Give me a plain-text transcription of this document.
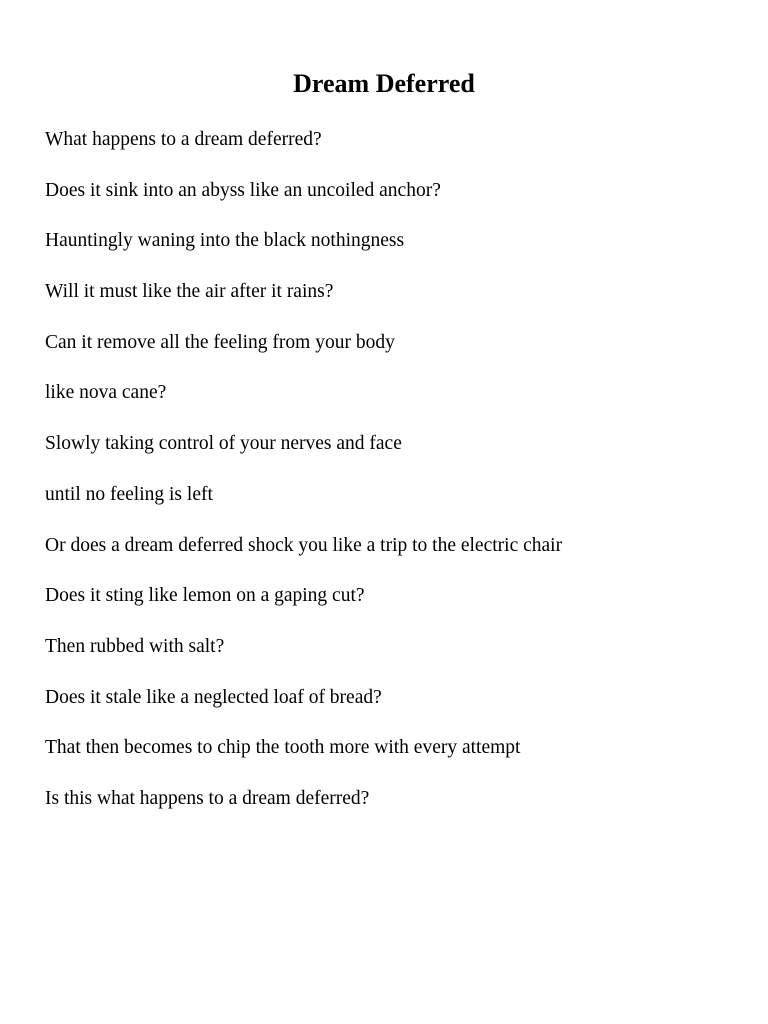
Dream Deferred
What happens to a dream deferred?
Does it sink into an abyss like an uncoiled anchor?
Hauntingly waning into the black nothingness
Will it must like the air after it rains?
Can it remove all the feeling from your body
like nova cane?
Slowly taking control of your nerves and face
until no feeling is left
Or does a dream deferred shock you like a trip to the electric chair
Does it sting like lemon on a gaping cut?
Then rubbed with salt?
Does it stale like a neglected loaf of bread?
That then becomes to chip the tooth more with every attempt
Is this what happens to a dream deferred?
